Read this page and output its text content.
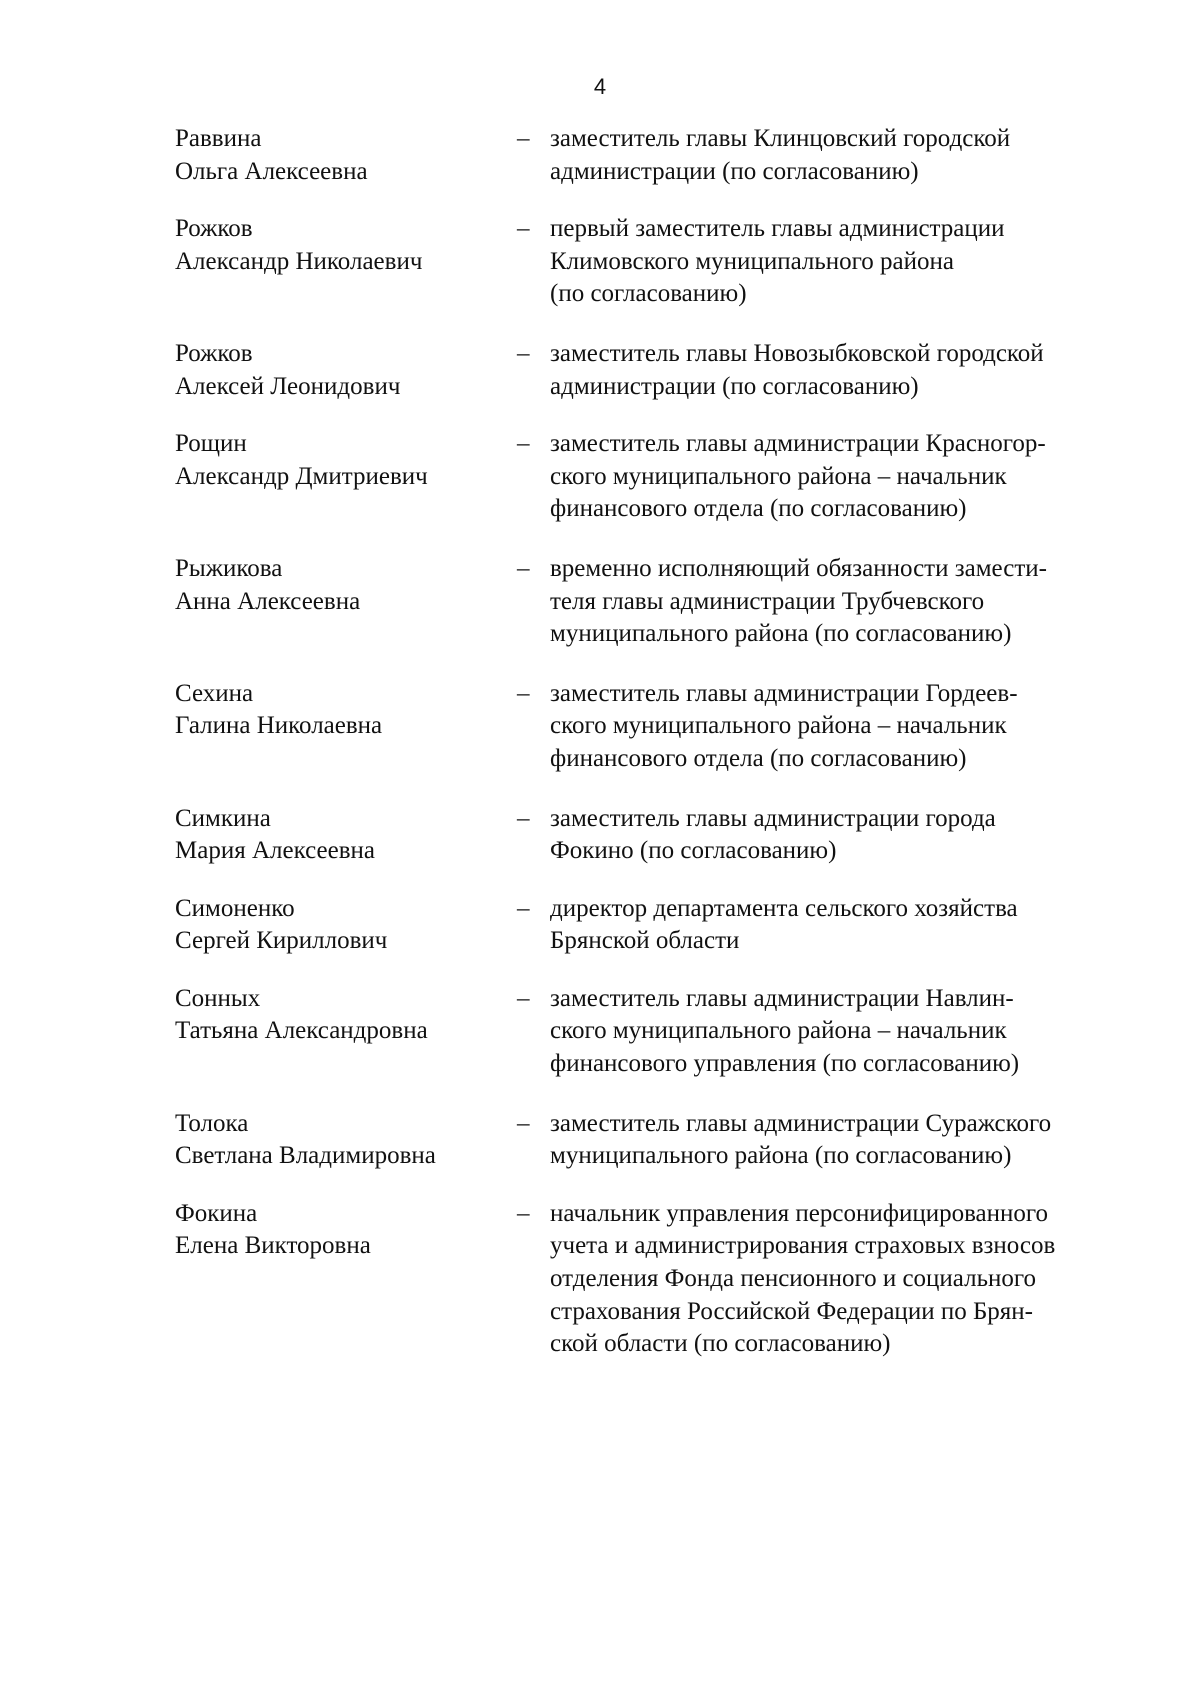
4
Раввина
Ольга Алексеевна
– заместитель главы Клинцовский городской
администрации (по согласованию)
Рожков
Александр Николаевич
– первый заместитель главы администрации
Климовского муниципального района
(по согласованию)
Рожков
Алексей Леонидович
– заместитель главы Новозыбковской городской
администрации (по согласованию)
Рощин
Александр Дмитриевич
– заместитель главы администрации Красногор-
ского муниципального района – начальник
финансового отдела (по согласованию)
Рыжикова
Анна Алексеевна
– временно исполняющий обязанности замести-
теля главы администрации Трубчевского
муниципального района (по согласованию)
Сехина
Галина Николаевна
– заместитель главы администрации Гордеев-
ского муниципального района – начальник
финансового отдела (по согласованию)
Симкина
Мария Алексеевна
– заместитель главы администрации города
Фокино (по согласованию)
Симоненко
Сергей Кириллович
– директор департамента сельского хозяйства
Брянской области
Сонных
Татьяна Александровна
– заместитель главы администрации Навлин-
ского муниципального района – начальник
финансового управления (по согласованию)
Толока
Светлана Владимировна
– заместитель главы администрации Суражского
муниципального района (по согласованию)
Фокина
Елена Викторовна
– начальник управления персонифицированного
учета и администрирования страховых взносов
отделения Фонда пенсионного и социального
страхования Российской Федерации по Брян-
ской области (по согласованию)
